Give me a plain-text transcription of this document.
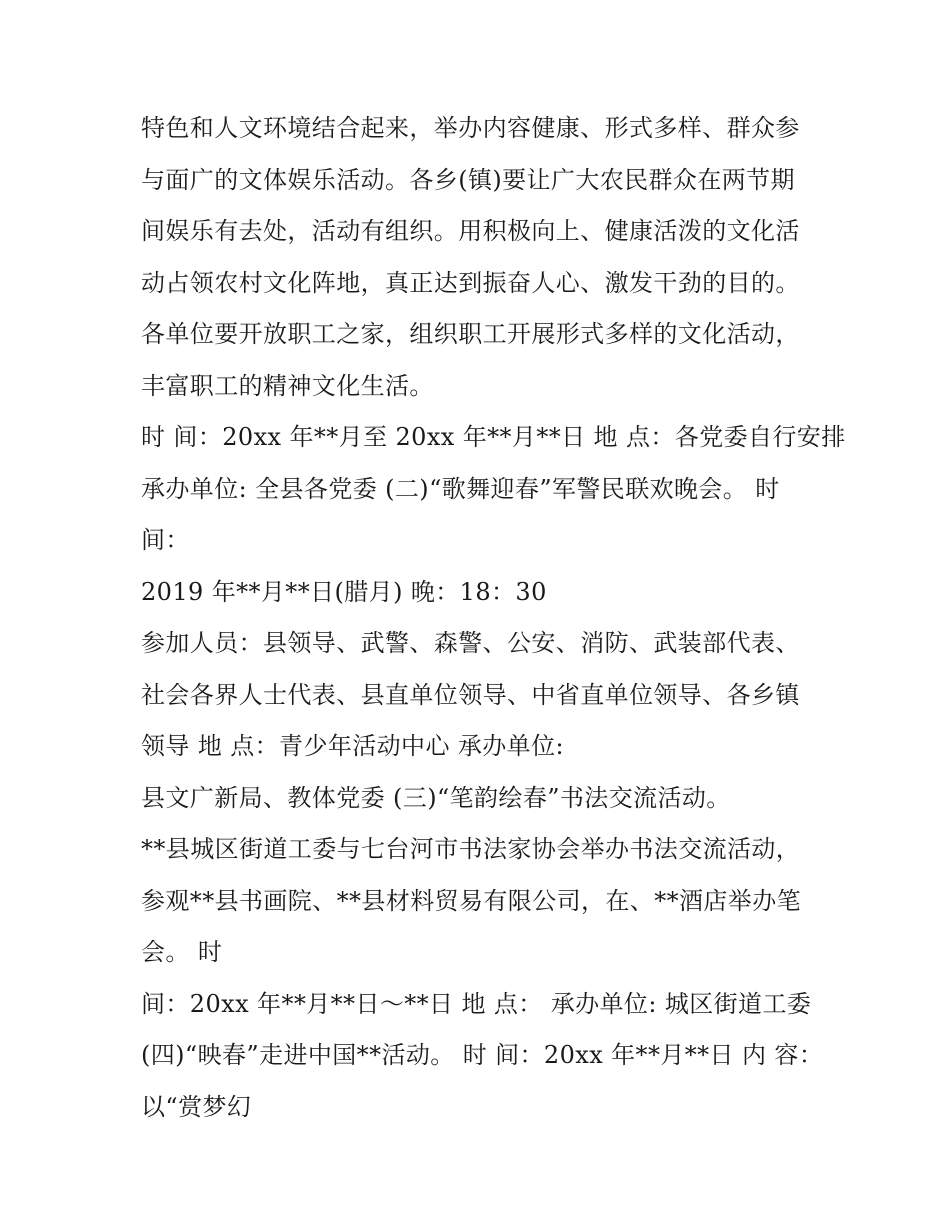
特色和人文环境结合起来，举办内容健康、形式多样、群众参
与面广的文体娱乐活动。各乡(镇)要让广大农民群众在两节期
间娱乐有去处，活动有组织。用积极向上、健康活泼的文化活
动占领农村文化阵地，真正达到振奋人心、激发干劲的目的。
各单位要开放职工之家，组织职工开展形式多样的文化活动，
丰富职工的精神文化生活。
时 间：20xx 年**月至 20xx 年**月**日 地 点：各党委自行安排
承办单位: 全县各党委 (二)“歌舞迎春”军警民联欢晚会。 时
间：
2019 年**月**日(腊月) 晚：18：30
参加人员：县领导、武警、森警、公安、消防、武装部代表、
社会各界人士代表、县直单位领导、中省直单位领导、各乡镇
领导 地 点：青少年活动中心 承办单位:
县文广新局、教体党委 (三)“笔韵绘春”书法交流活动。
**县城区街道工委与七台河市书法家协会举办书法交流活动，
参观**县书画院、**县材料贸易有限公司，在、**酒店举办笔
会。 时
间：20xx 年**月**日～**日 地 点： 承办单位: 城区街道工委
(四)“映春”走进中国**活动。 时 间：20xx 年**月**日 内 容：
以“赏梦幻
